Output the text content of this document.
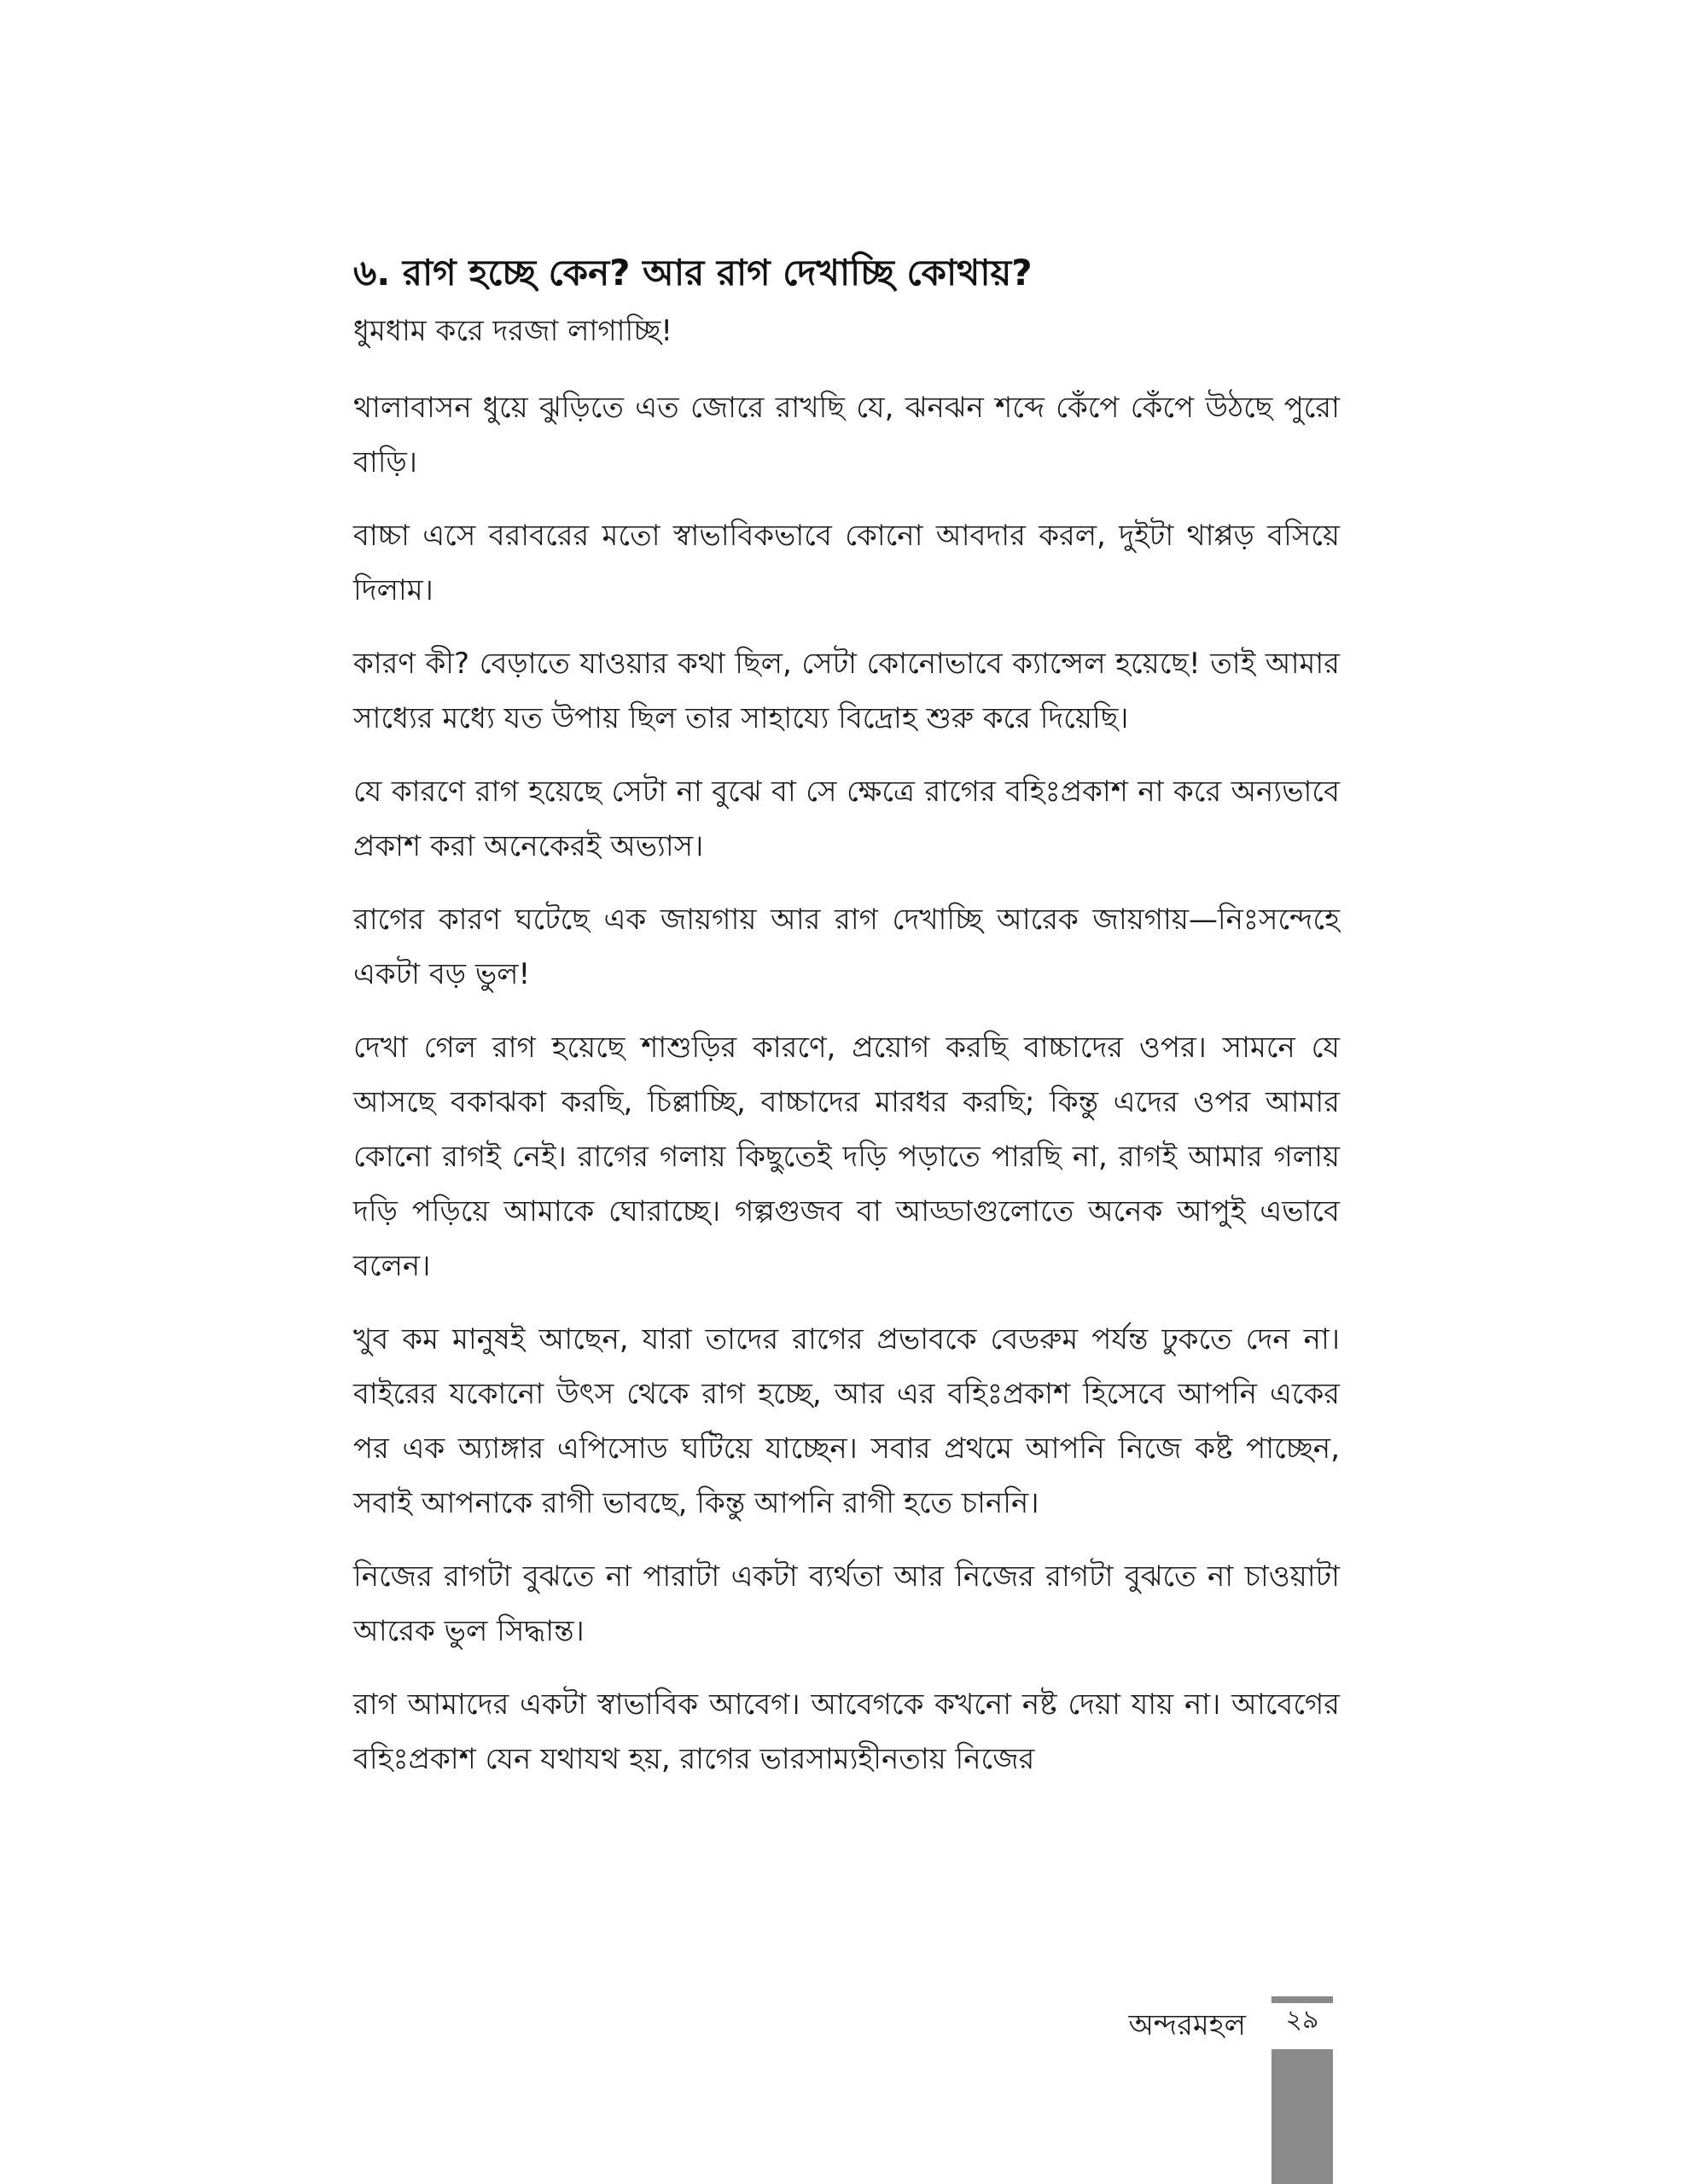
৬. রাগ হচ্ছে কেন? আর রাগ দেখাচ্ছি কোথায়?

ধুমধাম করে দরজা লাগাচ্ছি!

থালাবাসন ধুয়ে ঝুড়িতে এত জোরে রাখছি যে, ঝনঝন শব্দে কেঁপে কেঁপে উঠছে পুরো বাড়ি।

বাচ্চা এসে বরাবরের মতো স্বাভাবিকভাবে কোনো আবদার করল, দুইটা থাপ্পড় বসিয়ে দিলাম।

কারণ কী? বেড়াতে যাওয়ার কথা ছিল, সেটা কোনোভাবে ক্যান্সেল হয়েছে! তাই আমার সাধ্যের মধ্যে যত উপায় ছিল তার সাহায্যে বিদ্রোহ শুরু করে দিয়েছি।

যে কারণে রাগ হয়েছে সেটা না বুঝে বা সে ক্ষেত্রে রাগের বহিঃপ্রকাশ না করে অন্যভাবে প্রকাশ করা অনেকেরই অভ্যাস।

রাগের কারণ ঘটেছে এক জায়গায় আর রাগ দেখাচ্ছি আরেক জায়গায়—নিঃসন্দেহে একটা বড় ভুল!

দেখা গেল রাগ হয়েছে শাশুড়ির কারণে, প্রয়োগ করছি বাচ্চাদের ওপর। সামনে যে আসছে বকাঝকা করছি, চিল্লাচ্ছি, বাচ্চাদের মারধর করছি; কিন্তু এদের ওপর আমার কোনো রাগই নেই। রাগের গলায় কিছুতেই দড়ি পড়াতে পারছি না, রাগই আমার গলায় দড়ি পড়িয়ে আমাকে ঘোরাচ্ছে। গল্পগুজব বা আড্ডাগুলোতে অনেক আপুই এভাবে বলেন।

খুব কম মানুষই আছেন, যারা তাদের রাগের প্রভাবকে বেডরুম পর্যন্ত ঢুকতে দেন না। বাইরের যকোনো উৎস থেকে রাগ হচ্ছে, আর এর বহিঃপ্রকাশ হিসেবে আপনি একের পর এক অ্যাঙ্গার এপিসোড ঘটিয়ে যাচ্ছেন। সবার প্রথমে আপনি নিজে কষ্ট পাচ্ছেন, সবাই আপনাকে রাগী ভাবছে, কিন্তু আপনি রাগী হতে চাননি।

নিজের রাগটা বুঝতে না পারাটা একটা ব্যর্থতা আর নিজের রাগটা বুঝতে না চাওয়াটা আরেক ভুল সিদ্ধান্ত।

রাগ আমাদের একটা স্বাভাবিক আবেগ। আবেগকে কখনো নষ্ট দেয়া যায় না। আবেগের বহিঃপ্রকাশ যেন যথাযথ হয়, রাগের ভারসাম্যহীনতায় নিজের

অন্দরমহল	২৯
